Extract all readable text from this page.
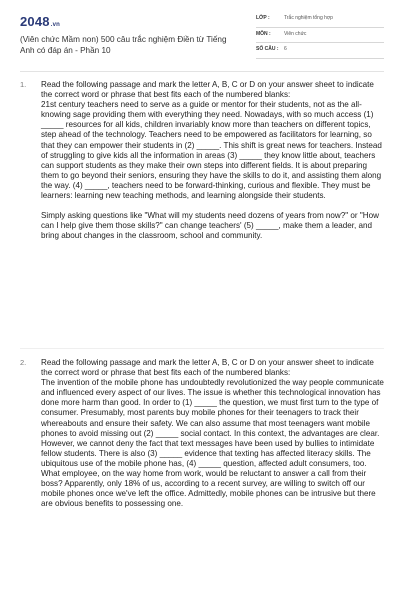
2048.vn
(Viên chức Mầm non) 500 câu trắc nghiệm Điền từ Tiếng Anh có đáp án - Phần 10
LỚP :	Trắc nghiệm tổng hợp
MÔN :	Viên chức
SỐ CÂU : 6
1. Read the following passage and mark the letter A, B, C or D on your answer sheet to indicate the correct word or phrase that best fits each of the numbered blanks:
21st century teachers need to serve as a guide or mentor for their students, not as the all-knowing sage providing them with everything they need. Nowadays, with so much access (1) _____ resources for all kids, children invariably know more than teachers on different topics, step ahead of the technology. Teachers need to be empowered as facilitators for learning, so that they can empower their students in (2) _____. This shift is great news for teachers. Instead of struggling to give kids all the information in areas (3) _____ they know little about, teachers can support students as they make their own steps into different fields. It is about preparing them to go beyond their seniors, ensuring they have the skills to do it, and assisting them along the way. (4) _____, teachers need to be forward-thinking, curious and flexible. They must be learners: learning new teaching methods, and learning alongside their students.

Simply asking questions like "What will my students need dozens of years from now?" or "How can I help give them those skills?" can change teachers' (5) _____, make them a leader, and bring about changes in the classroom, school and community.
2. Read the following passage and mark the letter A, B, C or D on your answer sheet to indicate the correct word or phrase that best fits each of the numbered blanks:
The invention of the mobile phone has undoubtedly revolutionized the way people communicate and influenced every aspect of our lives. The issue is whether this technological innovation has done more harm than good. In order to (1) _____ the question, we must first turn to the type of consumer. Presumably, most parents buy mobile phones for their teenagers to track their whereabouts and ensure their safety. We can also assume that most teenagers want mobile phones to avoid missing out (2) _____ social contact. In this context, the advantages are clear. However, we cannot deny the fact that text messages have been used by bullies to intimidate fellow students. There is also (3) _____ evidence that texting has affected literacy skills. The ubiquitous use of the mobile phone has, (4) _____ question, affected adult consumers, too.
What employee, on the way home from work, would be reluctant to answer a call from their boss? Apparently, only 18% of us, according to a recent survey, are willing to switch off our mobile phones once we've left the office. Admittedly, mobile phones can be intrusive but there are obvious benefits to possessing one.
